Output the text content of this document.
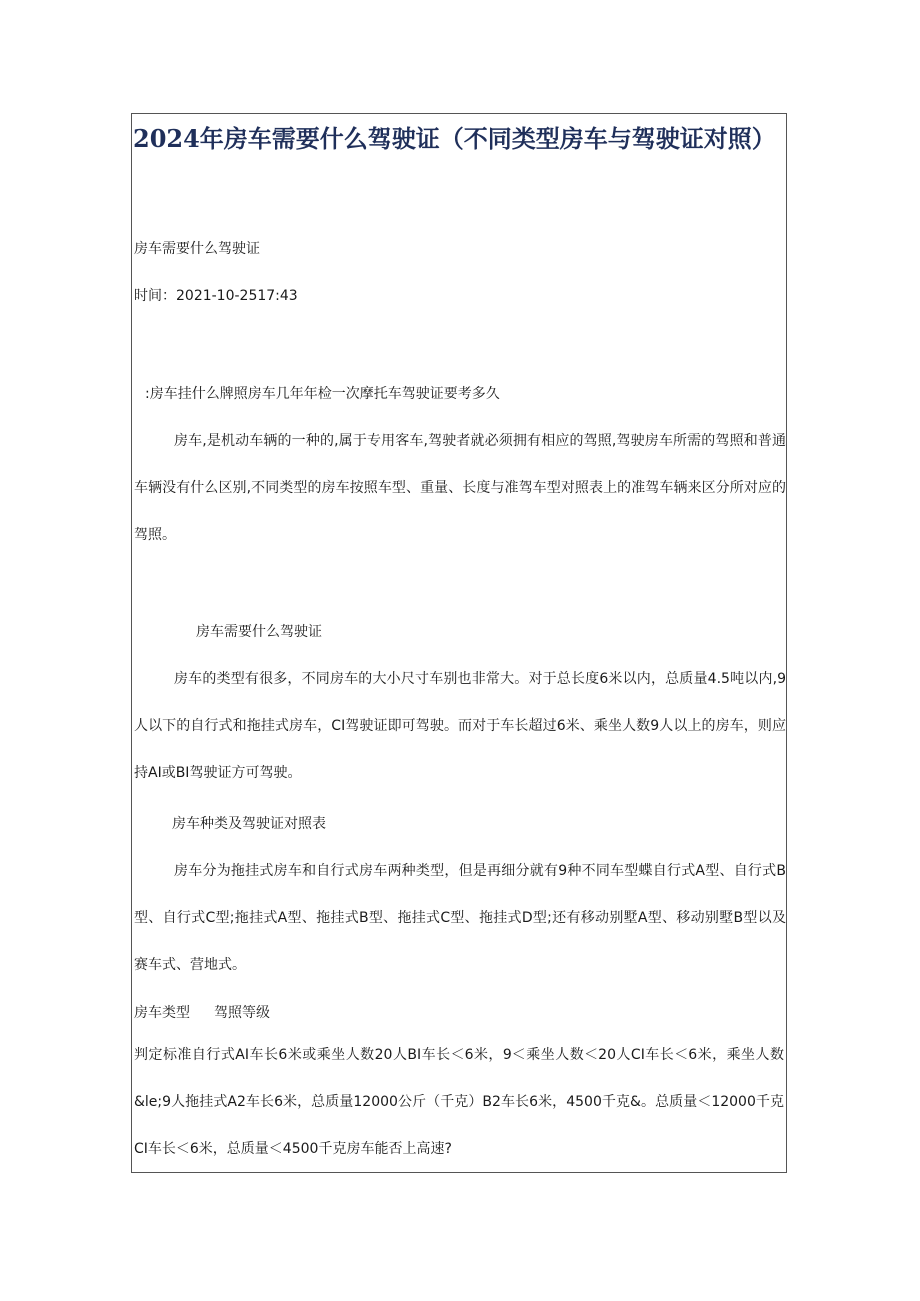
2024年房车需要什么驾驶证（不同类型房车与驾驶证对照）

房车需要什么驾驶证

时间：2021-10-2517:43

:房车挂什么牌照房车几年年检一次摩托车驾驶证要考多久

房车,是机动车辆的一种的,属于专用客车,驾驶者就必须拥有相应的驾照,驾驶房车所需的驾照和普通车辆没有什么区别,不同类型的房车按照车型、重量、长度与准驾车型对照表上的准驾车辆来区分所对应的驾照。

房车需要什么驾驶证

房车的类型有很多，不同房车的大小尺寸车别也非常大。对于总长度6米以内，总质量4.5吨以内,9人以下的自行式和拖挂式房车，CI驾驶证即可驾驶。而对于车长超过6米、乘坐人数9人以上的房车，则应持AI或BI驾驶证方可驾驶。

房车种类及驾驶证对照表

房车分为拖挂式房车和自行式房车两种类型，但是再细分就有9种不同车型蝶自行式A型、自行式B型、自行式C型;拖挂式A型、拖挂式B型、拖挂式C型、拖挂式D型;还有移动别墅A型、移动别墅B型以及赛车式、营地式。

房车类型 驾照等级

判定标准自行式AI车长6米或乘坐人数20人BI车长＜6米，9＜乘坐人数＜20人CI车长＜6米，乘坐人数&le;9人拖挂式A2车长6米，总质量12000公斤（千克）B2车长6米，4500千克&。总质量＜12000千克CI车长＜6米，总质量＜4500千克房车能否上高速?
